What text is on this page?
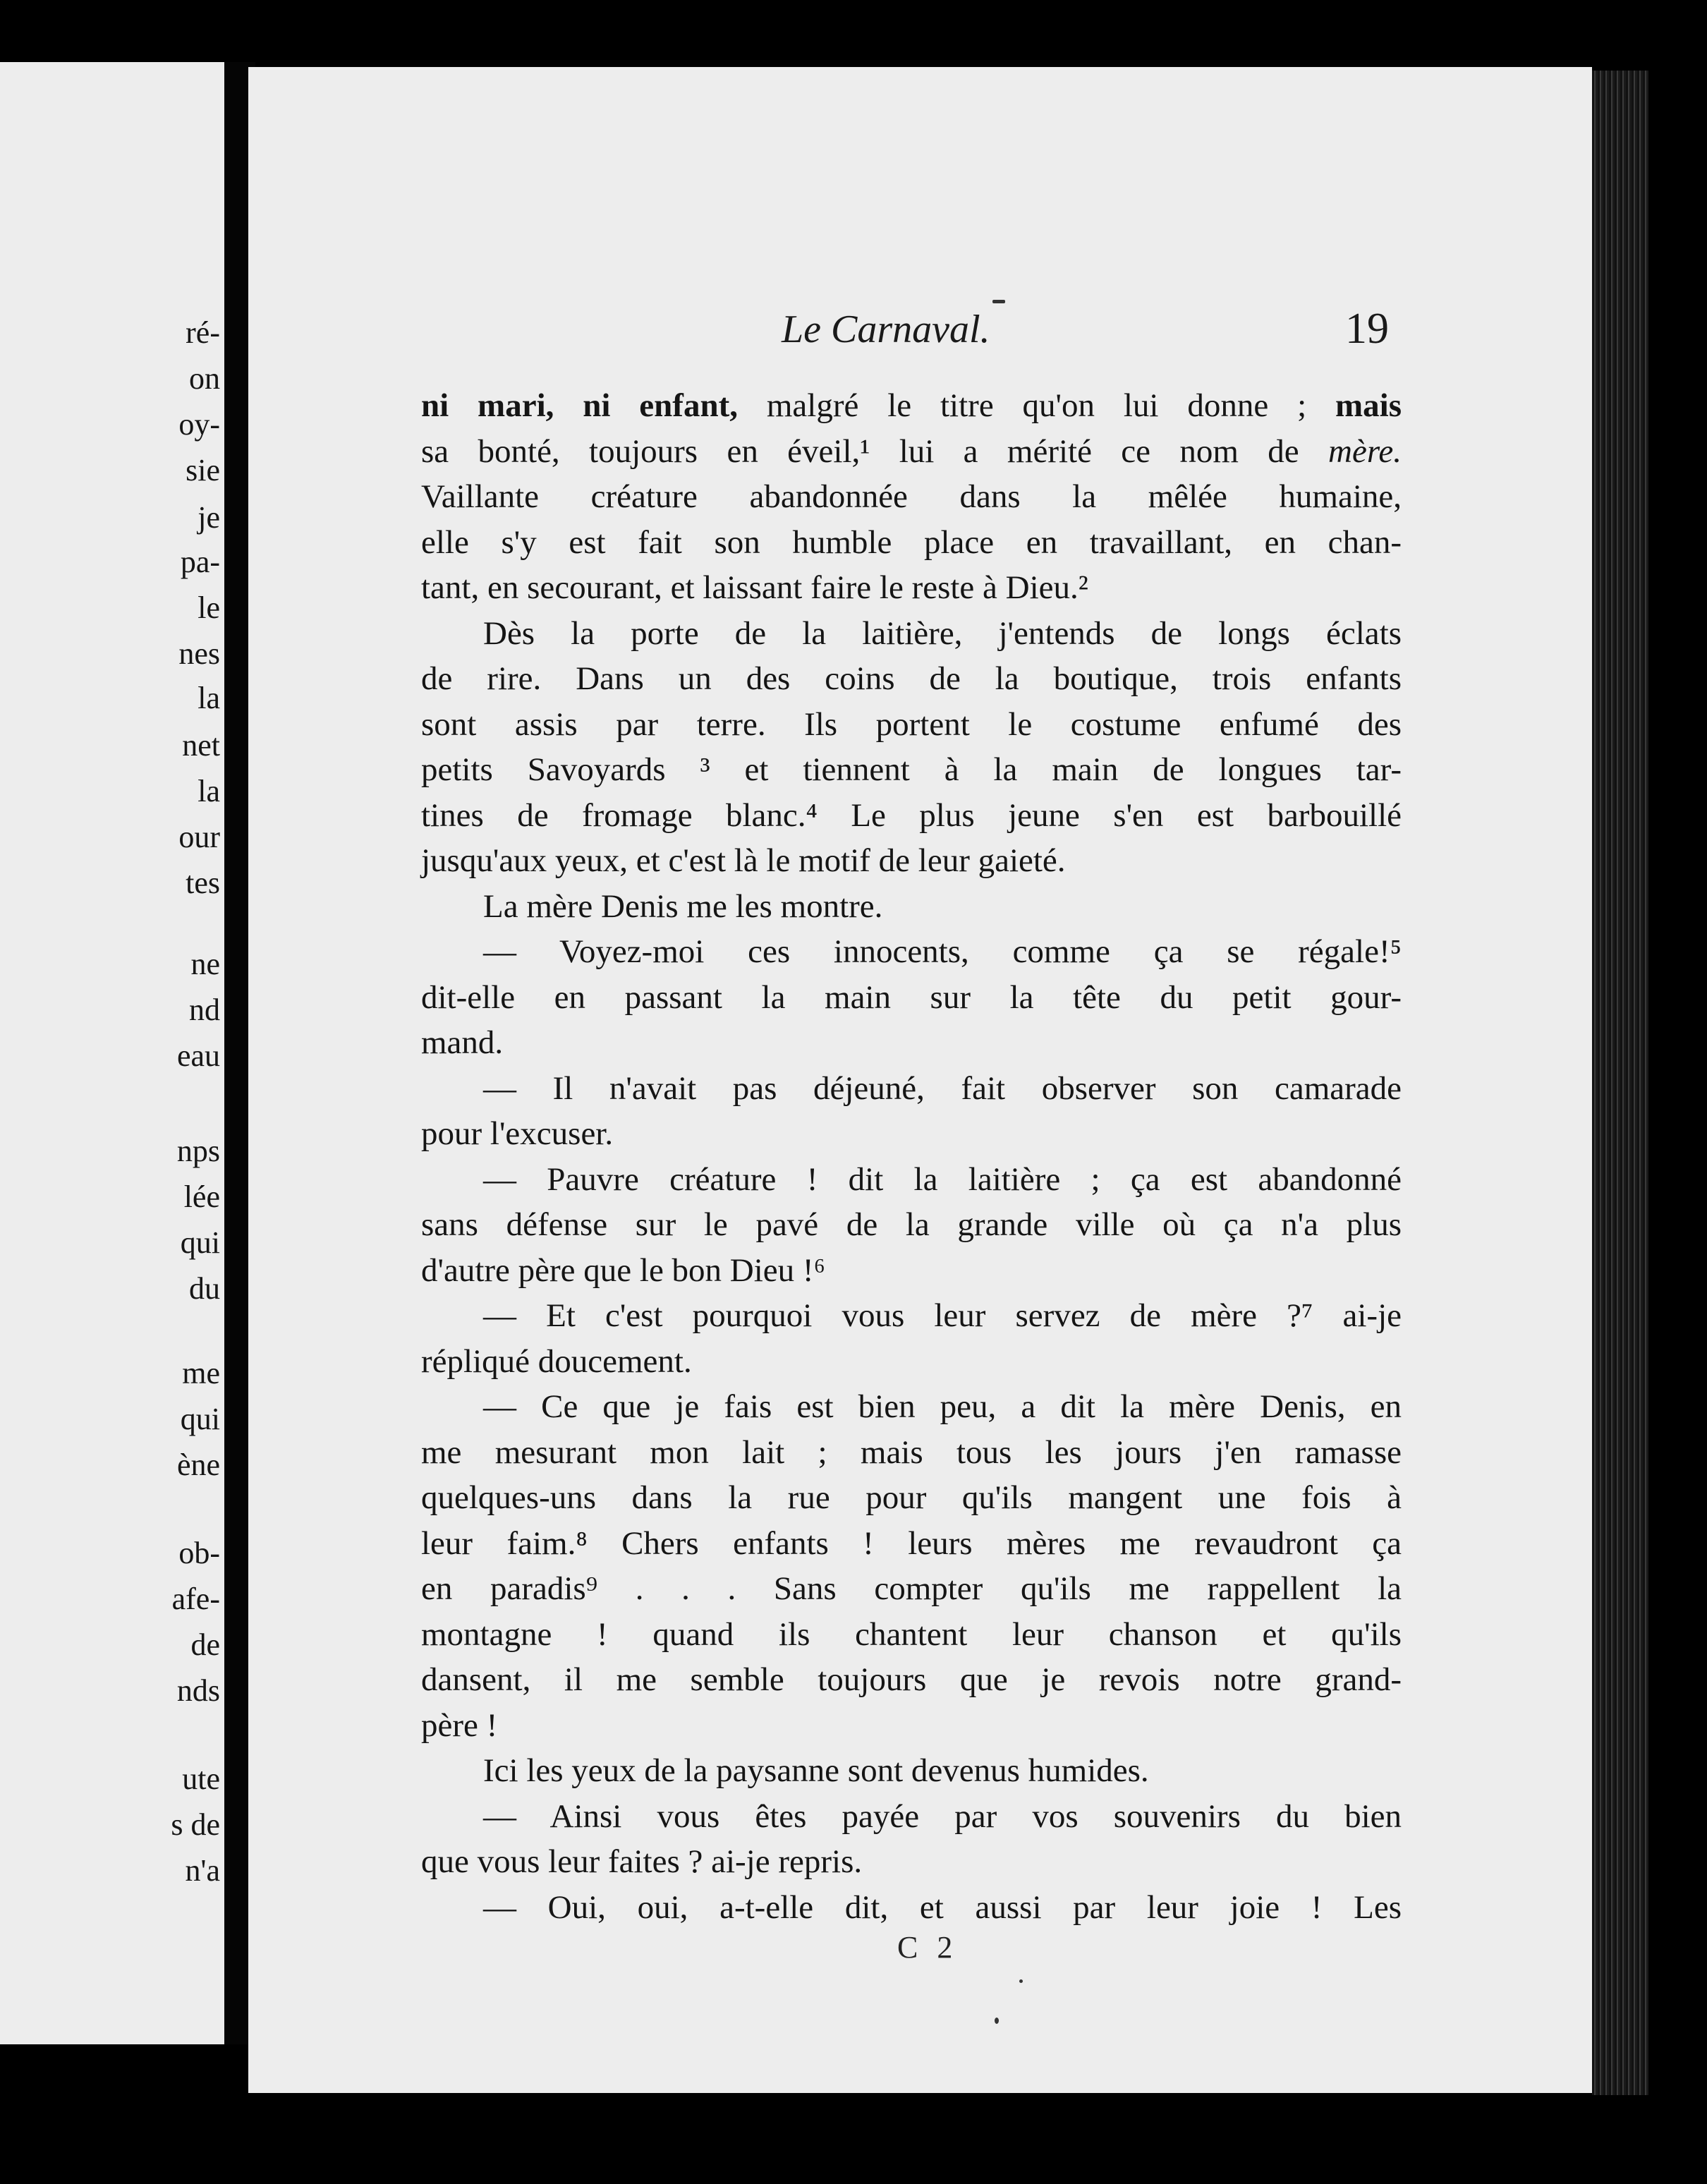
ré-
on
oy-
sie
je
pa-
le
nes
la
net
la
our
tes
ne
nd
eau
nps
lée
qui
du
me
qui
ène
ob-
afe-
de
nds
ute
s de
n'a
Le Carnaval.	19
ni mari, ni enfant, malgré le titre qu'on lui donne ; mais
sa bonté, toujours en éveil,¹ lui a mérité ce nom de mère.
Vaillante créature abandonnée dans la mêlée humaine,
elle s'y est fait son humble place en travaillant, en chan-
tant, en secourant, et laissant faire le reste à Dieu.²
Dès la porte de la laitière, j'entends de longs éclats
de rire. Dans un des coins de la boutique, trois enfants
sont assis par terre. Ils portent le costume enfumé des
petits Savoyards ³ et tiennent à la main de longues tar-
tines de fromage blanc.⁴ Le plus jeune s'en est barbouillé
jusqu'aux yeux, et c'est là le motif de leur gaieté.
La mère Denis me les montre.
— Voyez-moi ces innocents, comme ça se régale!⁵
dit-elle en passant la main sur la tête du petit gour-
mand.
— Il n'avait pas déjeuné, fait observer son camarade
pour l'excuser.
— Pauvre créature ! dit la laitière ; ça est abandonné
sans défense sur le pavé de la grande ville où ça n'a plus
d'autre père que le bon Dieu !⁶
— Et c'est pourquoi vous leur servez de mère ?⁷ ai-je
répliqué doucement.
— Ce que je fais est bien peu, a dit la mère Denis, en
me mesurant mon lait ; mais tous les jours j'en ramasse
quelques-uns dans la rue pour qu'ils mangent une fois à
leur faim.⁸ Chers enfants ! leurs mères me revaudront ça
en paradis⁹ . . . Sans compter qu'ils me rappellent la
montagne ! quand ils chantent leur chanson et qu'ils
dansent, il me semble toujours que je revois notre grand-
père !
Ici les yeux de la paysanne sont devenus humides.
— Ainsi vous êtes payée par vos souvenirs du bien
que vous leur faites ? ai-je repris.
— Oui, oui, a-t-elle dit, et aussi par leur joie ! Les
C 2
